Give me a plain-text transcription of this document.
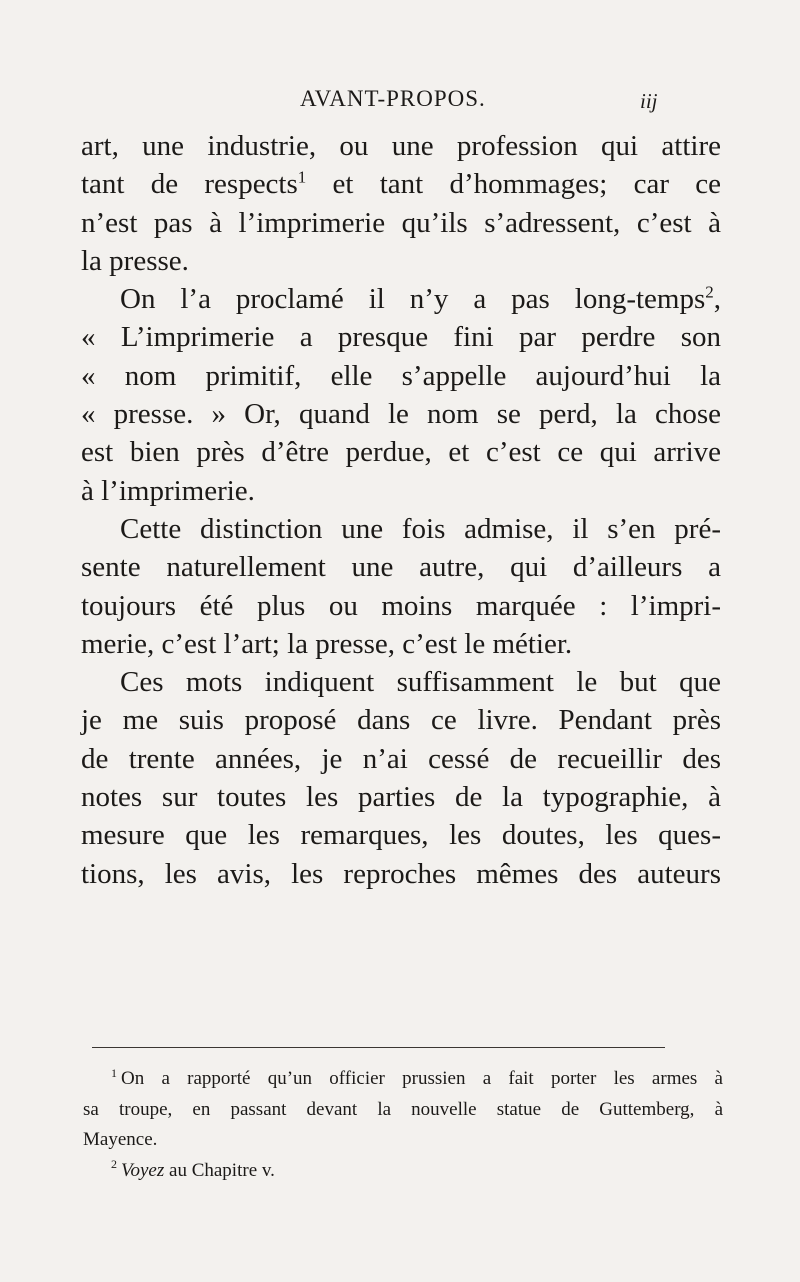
AVANT-PROPOS.	iij
art, une industrie, ou une profession qui attire
tant de respects$^1$ et tant d’hommages; car ce
n’est pas à l’imprimerie qu’ils s’adressent, c’est à
la presse.
On l’a proclamé il n’y a pas long-temps$^2$,
« L’imprimerie a presque fini par perdre son
« nom primitif, elle s’appelle aujourd’hui la
« presse. » Or, quand le nom se perd, la chose
est bien près d’être perdue, et c’est ce qui arrive
à l’imprimerie.
Cette distinction une fois admise, il s’en pré-
sente naturellement une autre, qui d’ailleurs a
toujours été plus ou moins marquée : l’impri-
merie, c’est l’art; la presse, c’est le métier.
Ces mots indiquent suffisamment le but que
je me suis proposé dans ce livre. Pendant près
de trente années, je n’ai cessé de recueillir des
notes sur toutes les parties de la typographie, à
mesure que les remarques, les doutes, les ques-
tions, les avis, les reproches mêmes des auteurs
$^1$ On a rapporté qu’un officier prussien a fait porter les armes à
sa troupe, en passant devant la nouvelle statue de Guttemberg, à
Mayence.
$^2$ Voyez au Chapitre v.
